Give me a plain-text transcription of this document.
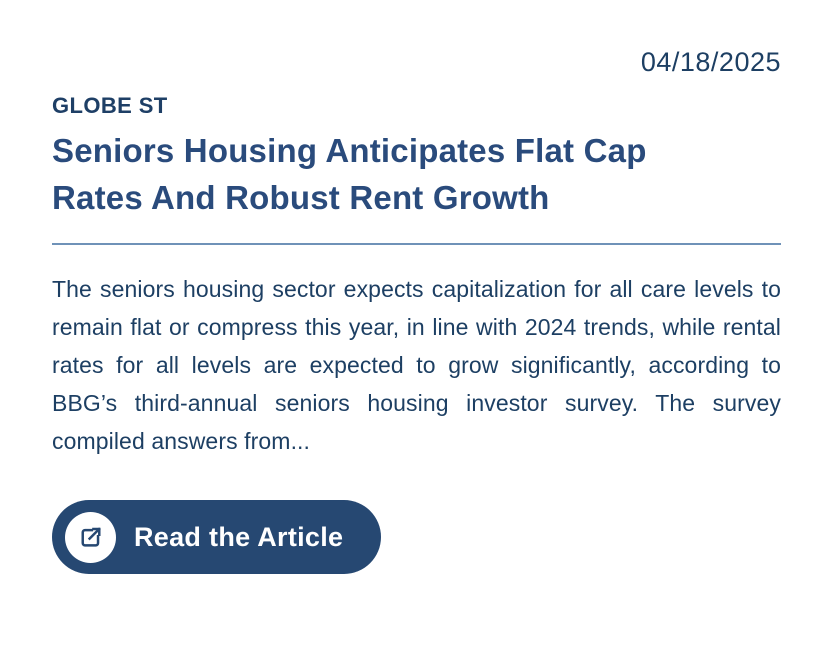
04/18/2025
GLOBE ST
Seniors Housing Anticipates Flat Cap Rates And Robust Rent Growth

The seniors housing sector expects capitalization for all care levels to remain flat or compress this year, in line with 2024 trends, while rental rates for all levels are expected to grow significantly, according to BBG’s third-annual seniors housing investor survey. The survey compiled answers from...

Read the Article
